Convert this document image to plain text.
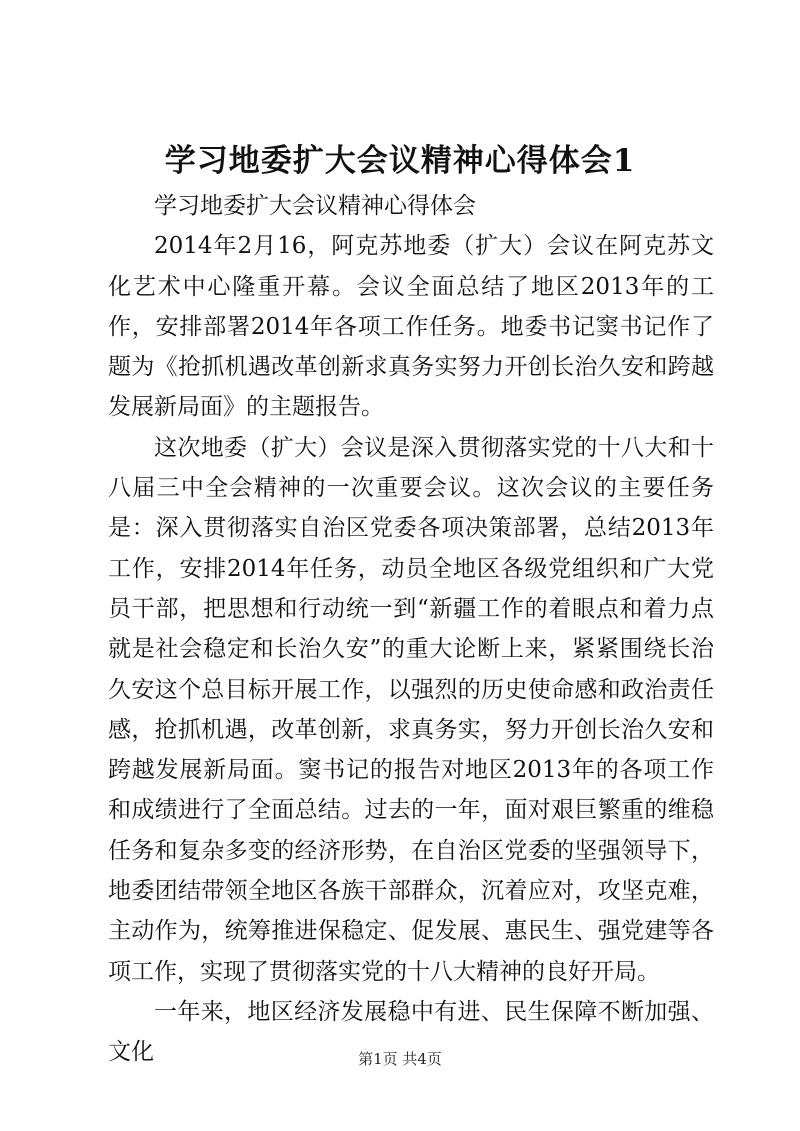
学习地委扩大会议精神心得体会1

学习地委扩大会议精神心得体会

2014年2月16，阿克苏地委（扩大）会议在阿克苏文化艺术中心隆重开幕。会议全面总结了地区2013年的工作，安排部署2014年各项工作任务。地委书记窦书记作了题为《抢抓机遇改革创新求真务实努力开创长治久安和跨越发展新局面》的主题报告。

这次地委（扩大）会议是深入贯彻落实党的十八大和十八届三中全会精神的一次重要会议。这次会议的主要任务是：深入贯彻落实自治区党委各项决策部署，总结2013年工作，安排2014年任务，动员全地区各级党组织和广大党员干部，把思想和行动统一到“新疆工作的着眼点和着力点就是社会稳定和长治久安”的重大论断上来，紧紧围绕长治久安这个总目标开展工作，以强烈的历史使命感和政治责任感，抢抓机遇，改革创新，求真务实，努力开创长治久安和跨越发展新局面。窦书记的报告对地区2013年的各项工作和成绩进行了全面总结。过去的一年，面对艰巨繁重的维稳任务和复杂多变的经济形势，在自治区党委的坚强领导下，地委团结带领全地区各族干部群众，沉着应对，攻坚克难，主动作为，统筹推进保稳定、促发展、惠民生、强党建等各项工作，实现了贯彻落实党的十八大精神的良好开局。

一年来，地区经济发展稳中有进、民生保障不断加强、文化	第1页 共4页
